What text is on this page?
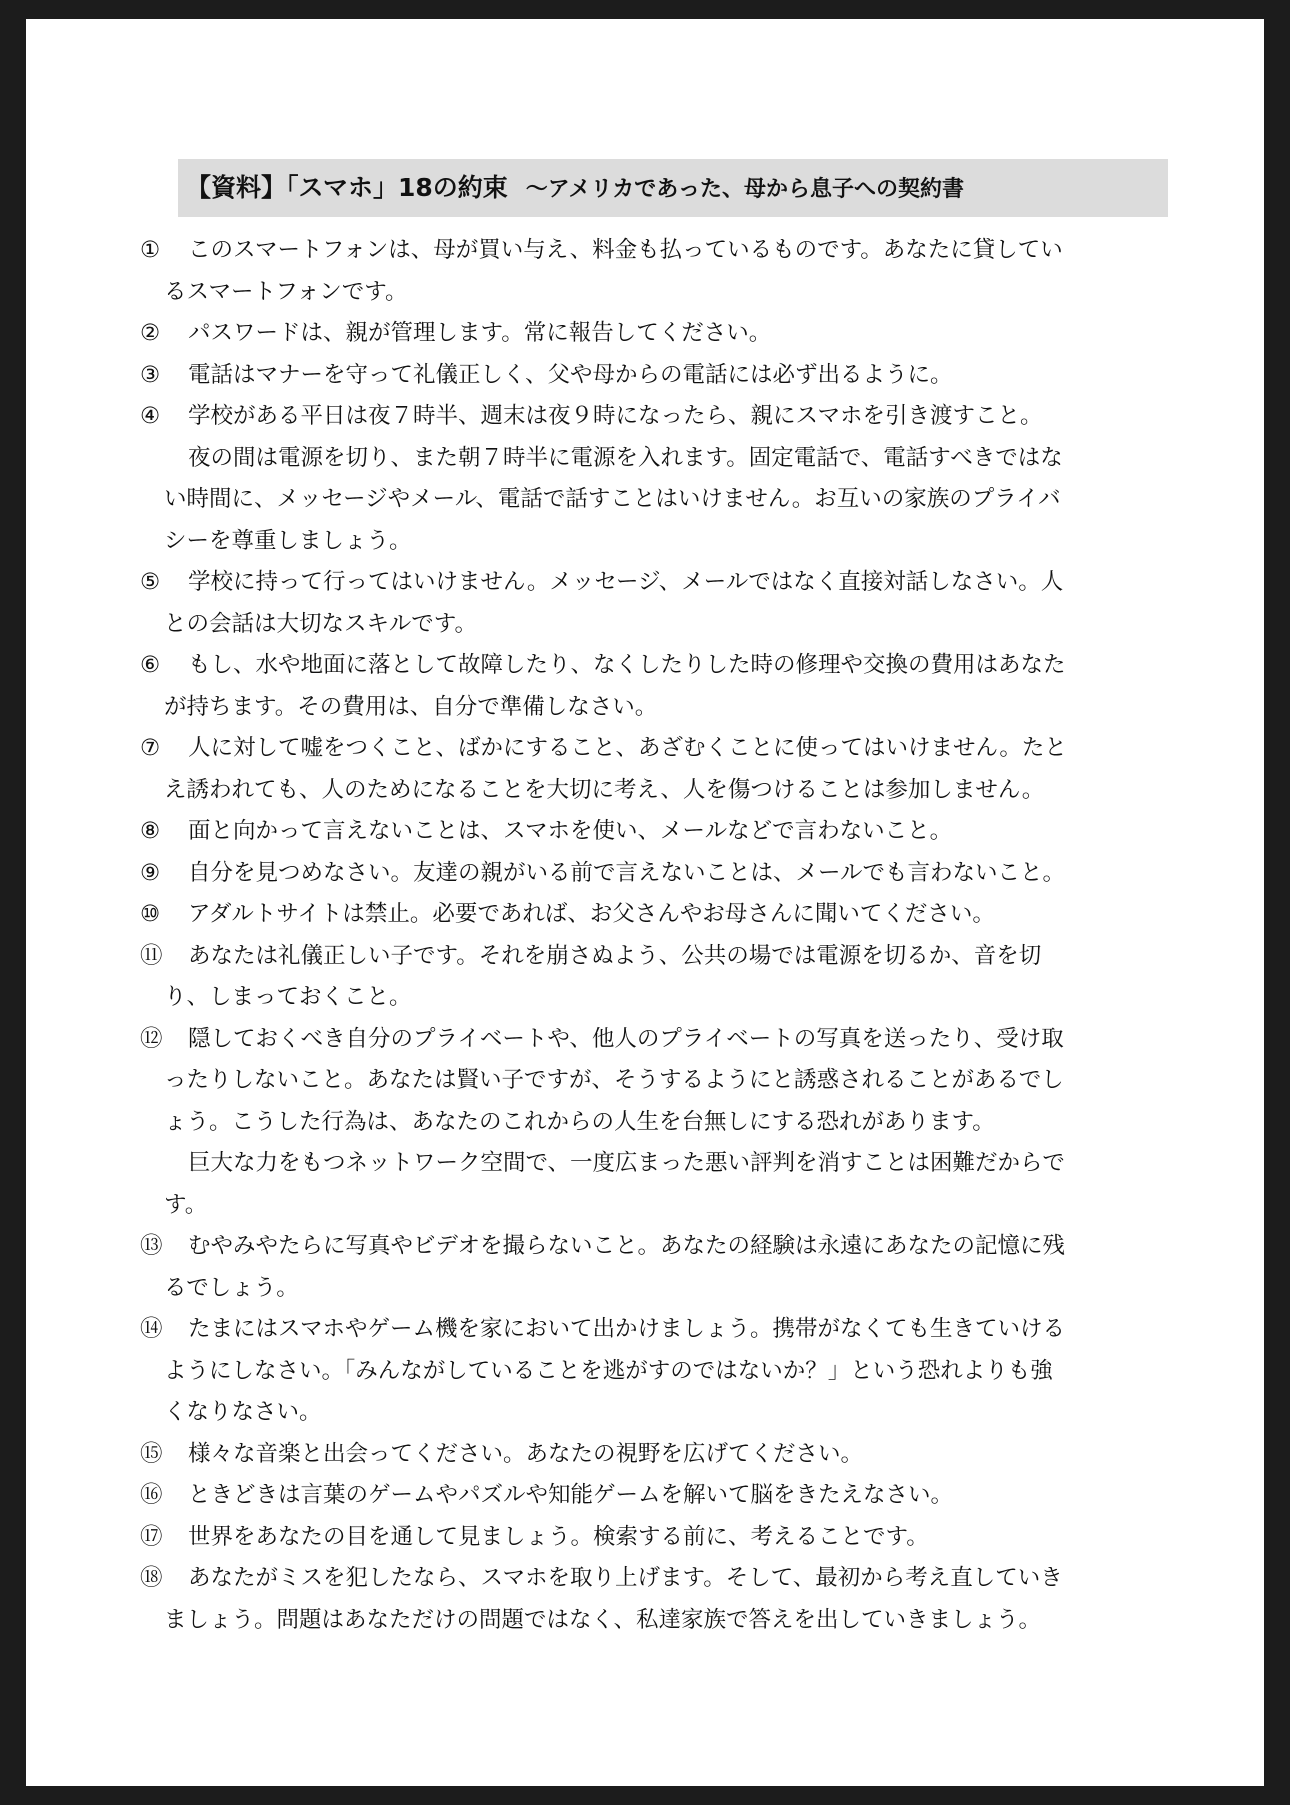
【資料】「スマホ」18の約束 〜アメリカであった、母から息子への契約書
① このスマートフォンは、母が買い与え、料金も払っているものです。あなたに貸してい
るスマートフォンです。
② パスワードは、親が管理します。常に報告してください。
③ 電話はマナーを守って礼儀正しく、父や母からの電話には必ず出るように。
④ 学校がある平日は夜７時半、週末は夜９時になったら、親にスマホを引き渡すこと。
夜の間は電源を切り、また朝７時半に電源を入れます。固定電話で、電話すべきではな
い時間に、メッセージやメール、電話で話すことはいけません。お互いの家族のプライバ
シーを尊重しましょう。
⑤ 学校に持って行ってはいけません。メッセージ、メールではなく直接対話しなさい。人
との会話は大切なスキルです。
⑥ もし、水や地面に落として故障したり、なくしたりした時の修理や交換の費用はあなた
が持ちます。その費用は、自分で準備しなさい。
⑦ 人に対して嘘をつくこと、ばかにすること、あざむくことに使ってはいけません。たと
え誘われても、人のためになることを大切に考え、人を傷つけることは参加しません。
⑧ 面と向かって言えないことは、スマホを使い、メールなどで言わないこと。
⑨ 自分を見つめなさい。友達の親がいる前で言えないことは、メールでも言わないこと。
⑩ アダルトサイトは禁止。必要であれば、お父さんやお母さんに聞いてください。
⑪ あなたは礼儀正しい子です。それを崩さぬよう、公共の場では電源を切るか、音を切
り、しまっておくこと。
⑫ 隠しておくべき自分のプライベートや、他人のプライベートの写真を送ったり、受け取
ったりしないこと。あなたは賢い子ですが、そうするようにと誘惑されることがあるでし
ょう。こうした行為は、あなたのこれからの人生を台無しにする恐れがあります。
巨大な力をもつネットワーク空間で、一度広まった悪い評判を消すことは困難だからで
す。
⑬ むやみやたらに写真やビデオを撮らないこと。あなたの経験は永遠にあなたの記憶に残
るでしょう。
⑭ たまにはスマホやゲーム機を家において出かけましょう。携帯がなくても生きていける
ようにしなさい。「みんながしていることを逃がすのではないか？」という恐れよりも強
くなりなさい。
⑮ 様々な音楽と出会ってください。あなたの視野を広げてください。
⑯ ときどきは言葉のゲームやパズルや知能ゲームを解いて脳をきたえなさい。
⑰ 世界をあなたの目を通して見ましょう。検索する前に、考えることです。
⑱ あなたがミスを犯したなら、スマホを取り上げます。そして、最初から考え直していき
ましょう。問題はあなただけの問題ではなく、私達家族で答えを出していきましょう。
